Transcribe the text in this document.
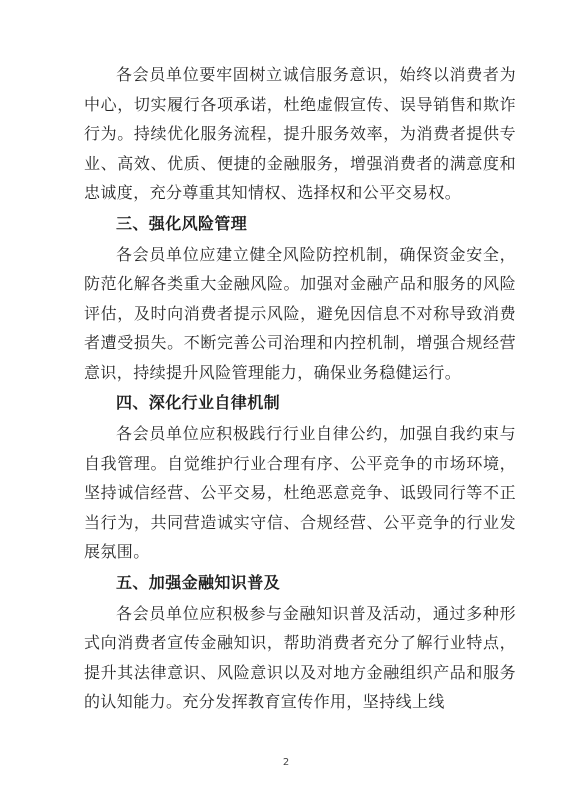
各会员单位要牢固树立诚信服务意识，始终以消费者为中心，切实履行各项承诺，杜绝虚假宣传、误导销售和欺诈行为。持续优化服务流程，提升服务效率，为消费者提供专业、高效、优质、便捷的金融服务，增强消费者的满意度和忠诚度，充分尊重其知情权、选择权和公平交易权。

三、强化风险管理

各会员单位应建立健全风险防控机制，确保资金安全，防范化解各类重大金融风险。加强对金融产品和服务的风险评估，及时向消费者提示风险，避免因信息不对称导致消费者遭受损失。不断完善公司治理和内控机制，增强合规经营意识，持续提升风险管理能力，确保业务稳健运行。

四、深化行业自律机制

各会员单位应积极践行行业自律公约，加强自我约束与自我管理。自觉维护行业合理有序、公平竞争的市场环境，坚持诚信经营、公平交易，杜绝恶意竞争、诋毁同行等不正当行为，共同营造诚实守信、合规经营、公平竞争的行业发展氛围。

五、加强金融知识普及

各会员单位应积极参与金融知识普及活动，通过多种形式向消费者宣传金融知识，帮助消费者充分了解行业特点，提升其法律意识、风险意识以及对地方金融组织产品和服务的认知能力。充分发挥教育宣传作用，坚持线上线

2
